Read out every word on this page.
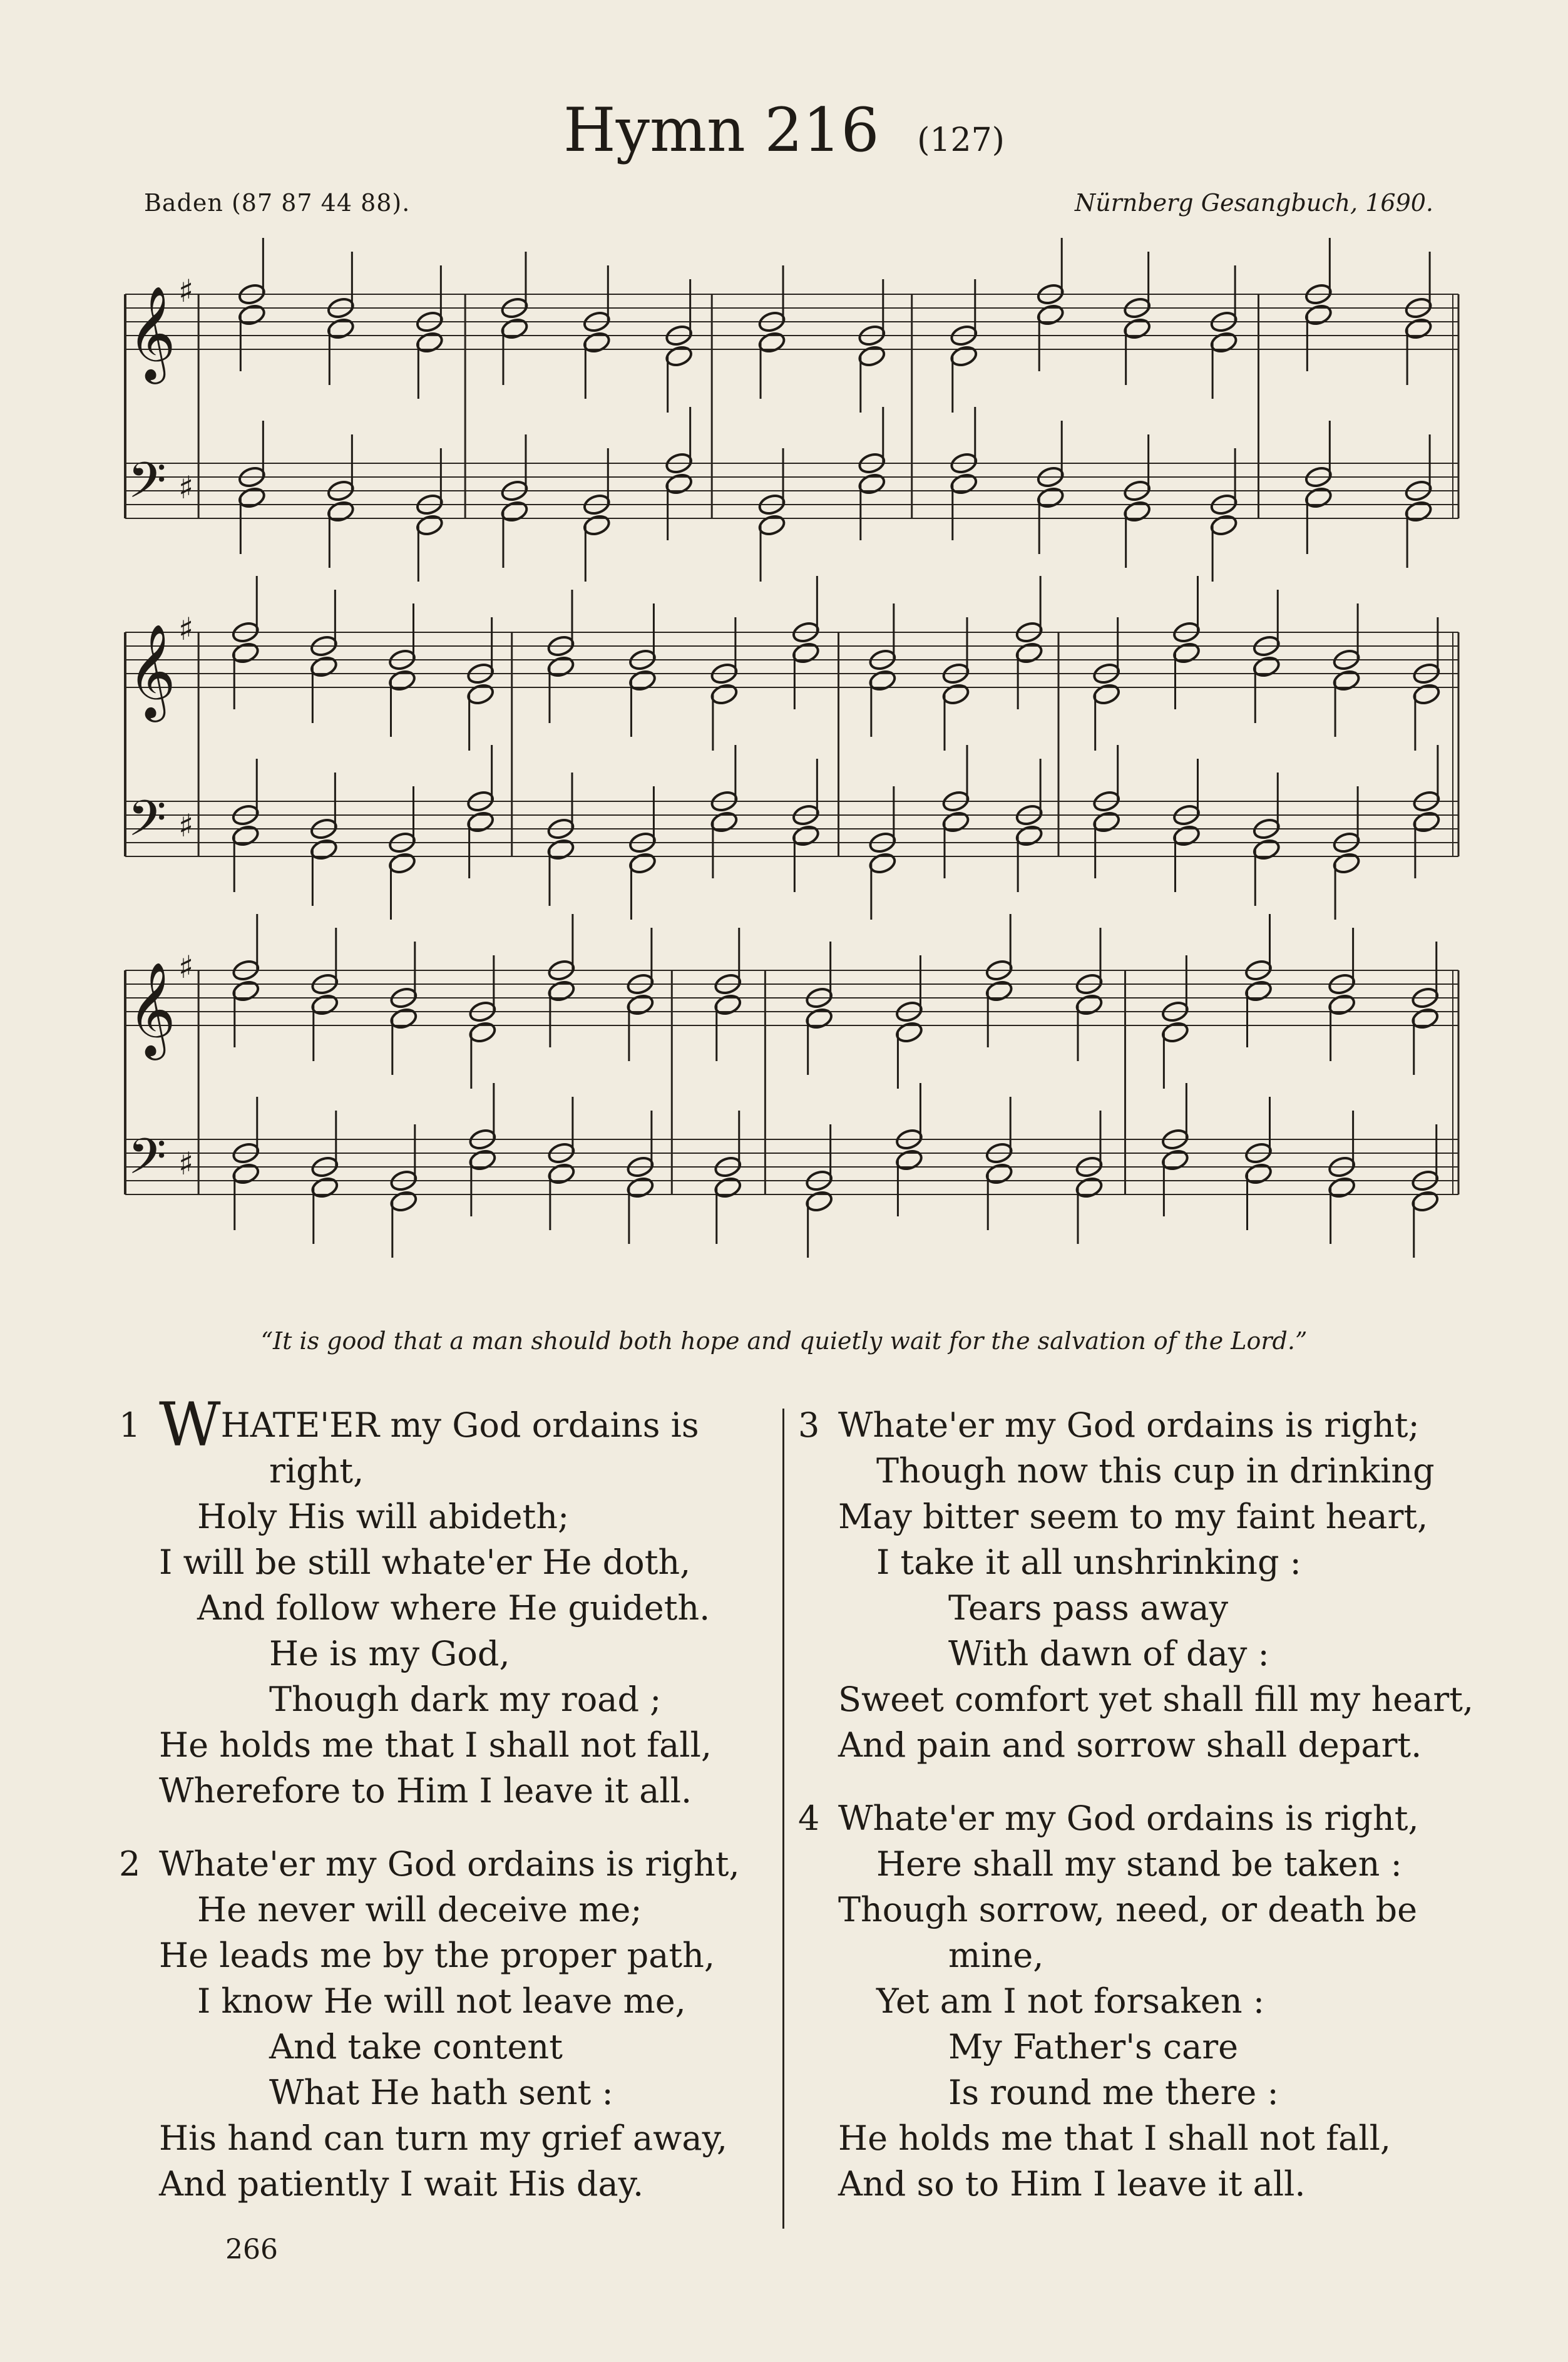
Hymn 216 (127)
Baden (87 87 44 88).	Nürnberg Gesangbuch, 1690.
𝄞 ♯
𝄢 ♯
𝄞 ♯
𝄢 ♯
𝄞 ♯
𝄢 ♯
“It is good that a man should both hope and quietly wait for the salvation of the Lord.”
1 WHATE'ER my God ordains is
right,
Holy His will abideth;
I will be still whate'er He doth,
And follow where He guideth.
He is my God,
Though dark my road ;
He holds me that I shall not fall,
Wherefore to Him I leave it all.
2 Whate'er my God ordains is right,
He never will deceive me;
He leads me by the proper path,
I know He will not leave me,
And take content
What He hath sent :
His hand can turn my grief away,
And patiently I wait His day.
3 Whate'er my God ordains is right;
Though now this cup in drinking
May bitter seem to my faint heart,
I take it all unshrinking :
Tears pass away
With dawn of day :
Sweet comfort yet shall fill my heart,
And pain and sorrow shall depart.
4 Whate'er my God ordains is right,
Here shall my stand be taken :
Though sorrow, need, or death be
mine,
Yet am I not forsaken :
My Father's care
Is round me there :
He holds me that I shall not fall,
And so to Him I leave it all.
266
